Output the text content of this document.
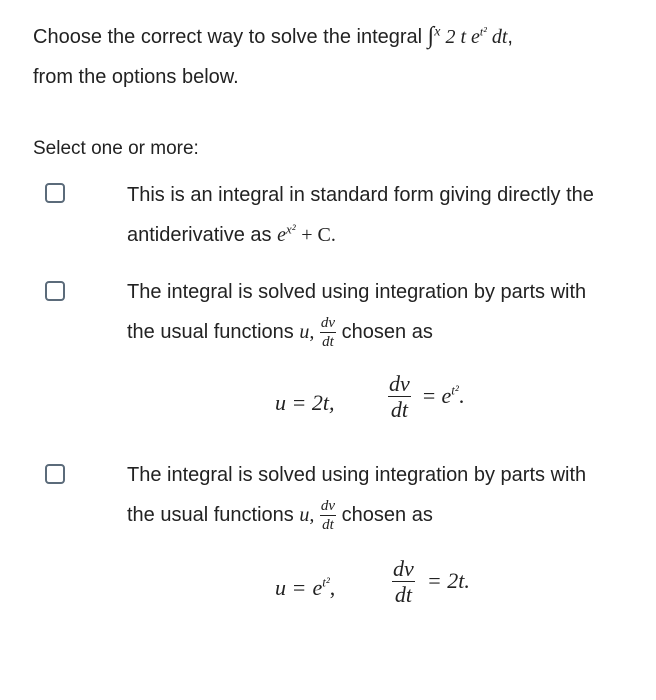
Choose the correct way to solve the integral ∫$^x$ 2 t $e^{t^2}$ dt,
from the options below.
Select one or more:
This is an integral in standard form giving directly the antiderivative as $e^{x^2} + C$.
The integral is solved using integration by parts with
the usual functions u, $\frac{dv}{dt}$ chosen as
u = 2t, $\frac{dv}{dt} = e^{t^2}$.
The integral is solved using integration by parts with
the usual functions u, $\frac{dv}{dt}$ chosen as
$u = e^{t^2}$,	$\frac{dv}{dt} = 2t$.
